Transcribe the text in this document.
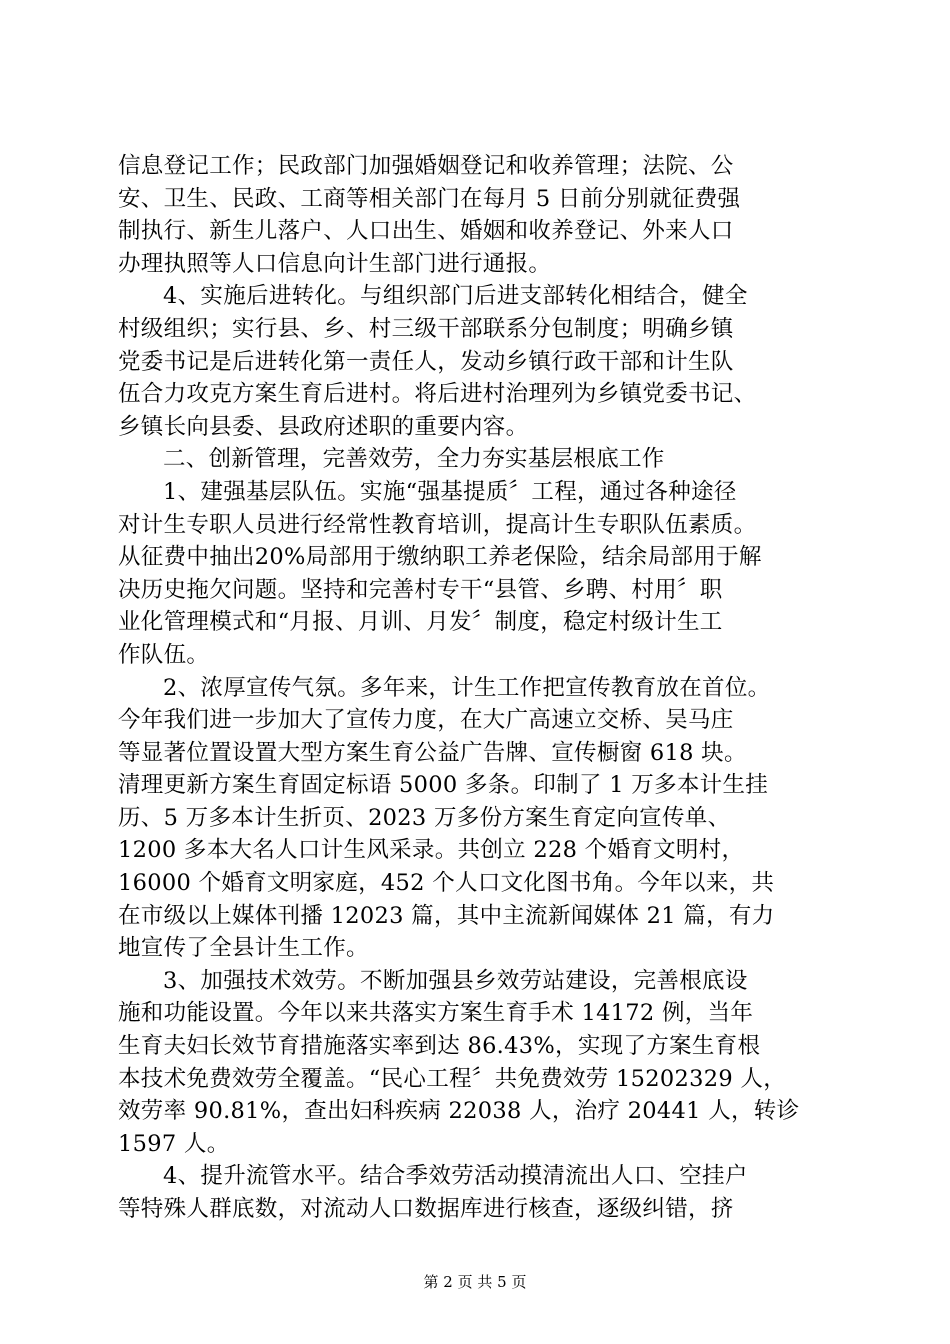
信息登记工作；民政部门加强婚姻登记和收养管理；法院、公
安、卫生、民政、工商等相关部门在每月 5 日前分别就征费强
制执行、新生儿落户、人口出生、婚姻和收养登记、外来人口
办理执照等人口信息向计生部门进行通报。
4、实施后进转化。与组织部门后进支部转化相结合，健全
村级组织；实行县、乡、村三级干部联系分包制度；明确乡镇
党委书记是后进转化第一责任人，发动乡镇行政干部和计生队
伍合力攻克方案生育后进村。将后进村治理列为乡镇党委书记、
乡镇长向县委、县政府述职的重要内容。
二、创新管理，完善效劳，全力夯实基层根底工作
1、建强基层队伍。实施“强基提质〞工程，通过各种途径
对计生专职人员进行经常性教育培训，提高计生专职队伍素质。
从征费中抽出20%局部用于缴纳职工养老保险，结余局部用于解
决历史拖欠问题。坚持和完善村专干“县管、乡聘、村用〞职
业化管理模式和“月报、月训、月发〞制度，稳定村级计生工
作队伍。
2、浓厚宣传气氛。多年来，计生工作把宣传教育放在首位。
今年我们进一步加大了宣传力度，在大广高速立交桥、吴马庄
等显著位置设置大型方案生育公益广告牌、宣传橱窗 618 块。
清理更新方案生育固定标语 5000 多条。印制了 1 万多本计生挂
历、5 万多本计生折页、2023 万多份方案生育定向宣传单、
1200 多本大名人口计生风采录。共创立 228 个婚育文明村，
16000 个婚育文明家庭，452 个人口文化图书角。今年以来，共
在市级以上媒体刊播 12023 篇，其中主流新闻媒体 21 篇，有力
地宣传了全县计生工作。
3、加强技术效劳。不断加强县乡效劳站建设，完善根底设
施和功能设置。今年以来共落实方案生育手术 14172 例，当年
生育夫妇长效节育措施落实率到达 86.43%，实现了方案生育根
本技术免费效劳全覆盖。“民心工程〞共免费效劳 15202329 人，
效劳率 90.81%，查出妇科疾病 22038 人，治疗 20441 人，转诊
1597 人。
4、提升流管水平。结合季效劳活动摸清流出人口、空挂户
等特殊人群底数，对流动人口数据库进行核查，逐级纠错，挤
第 2 页 共 5 页
